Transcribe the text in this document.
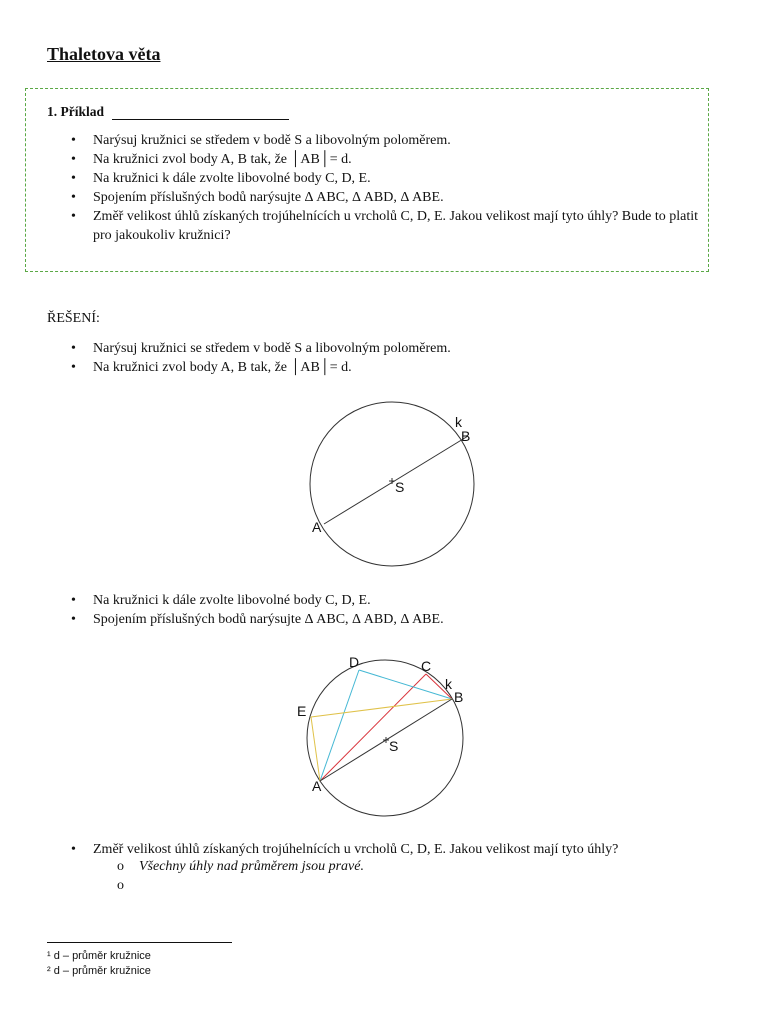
Thaletova věta
1. Příklad
• Narýsuj kružnici se středem v bodě S a libovolným poloměrem.
• Na kružnici zvol body A, B tak, že │AB│= d.
• Na kružnici k dále zvolte libovolné body C, D, E.
• Spojením příslušných bodů narýsujte Δ ABC, Δ ABD, Δ ABE.
• Změř velikost úhlů získaných trojúhelnících u vrcholů C, D, E. Jakou velikost mají tyto úhly? Bude to platit pro jakoukoliv kružnici?
ŘEŠENÍ:
• Narýsuj kružnici se středem v bodě S a libovolným poloměrem.
• Na kružnici zvol body A, B tak, že │AB│= d.
k
B
S
A
• Na kružnici k dále zvolte libovolné body C, D, E.
• Spojením příslušných bodů narýsujte Δ ABC, Δ ABD, Δ ABE.
D	C
k
B
E
S
A
• Změř velikost úhlů získaných trojúhelnících u vrcholů C, D, E. Jakou velikost mají tyto úhly?
o Všechny úhly nad průměrem jsou pravé.
o
¹ d – průměr kružnice
² d – průměr kružnice
